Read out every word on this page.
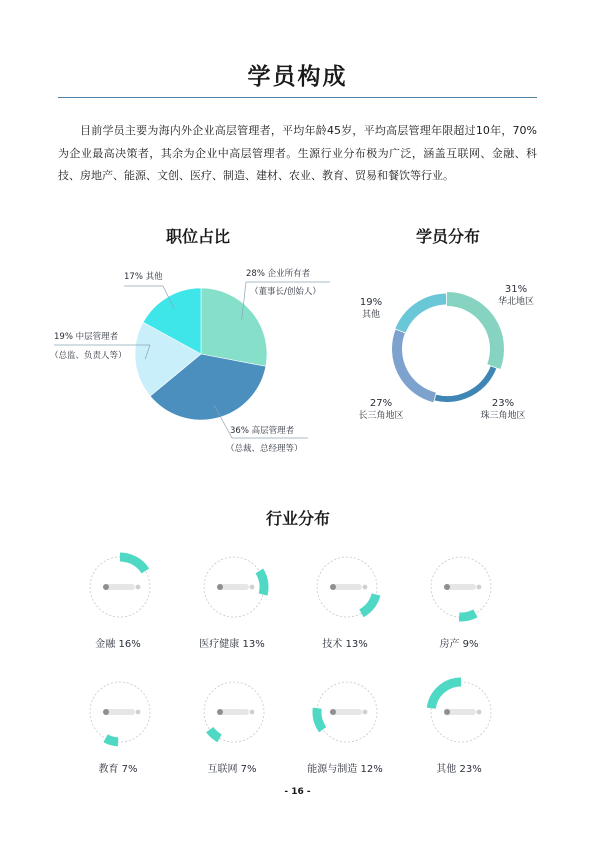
学员构成
目前学员主要为海内外企业高层管理者，平均年龄45岁，平均高层管理年限超过10年，70%为企业最高决策者，其余为企业中高层管理者。生源行业分布极为广泛，涵盖互联网、金融、科技、房地产、能源、文创、医疗、制造、建材、农业、教育、贸易和餐饮等行业。
职位占比
17% 其他	28% 企业所有者
（董事长/创始人）
19% 中层管理者
（总监、负责人等）
36% 高层管理者
（总裁、总经理等）
学员分布
31%
华北地区
23%
珠三角地区
27%
长三角地区
19%
其他
行业分布
金融 16%	医疗健康 13%	技术 13%	房产 9%
教育 7%	互联网 7%	能源与制造 12%	其他 23%
- 16 -
